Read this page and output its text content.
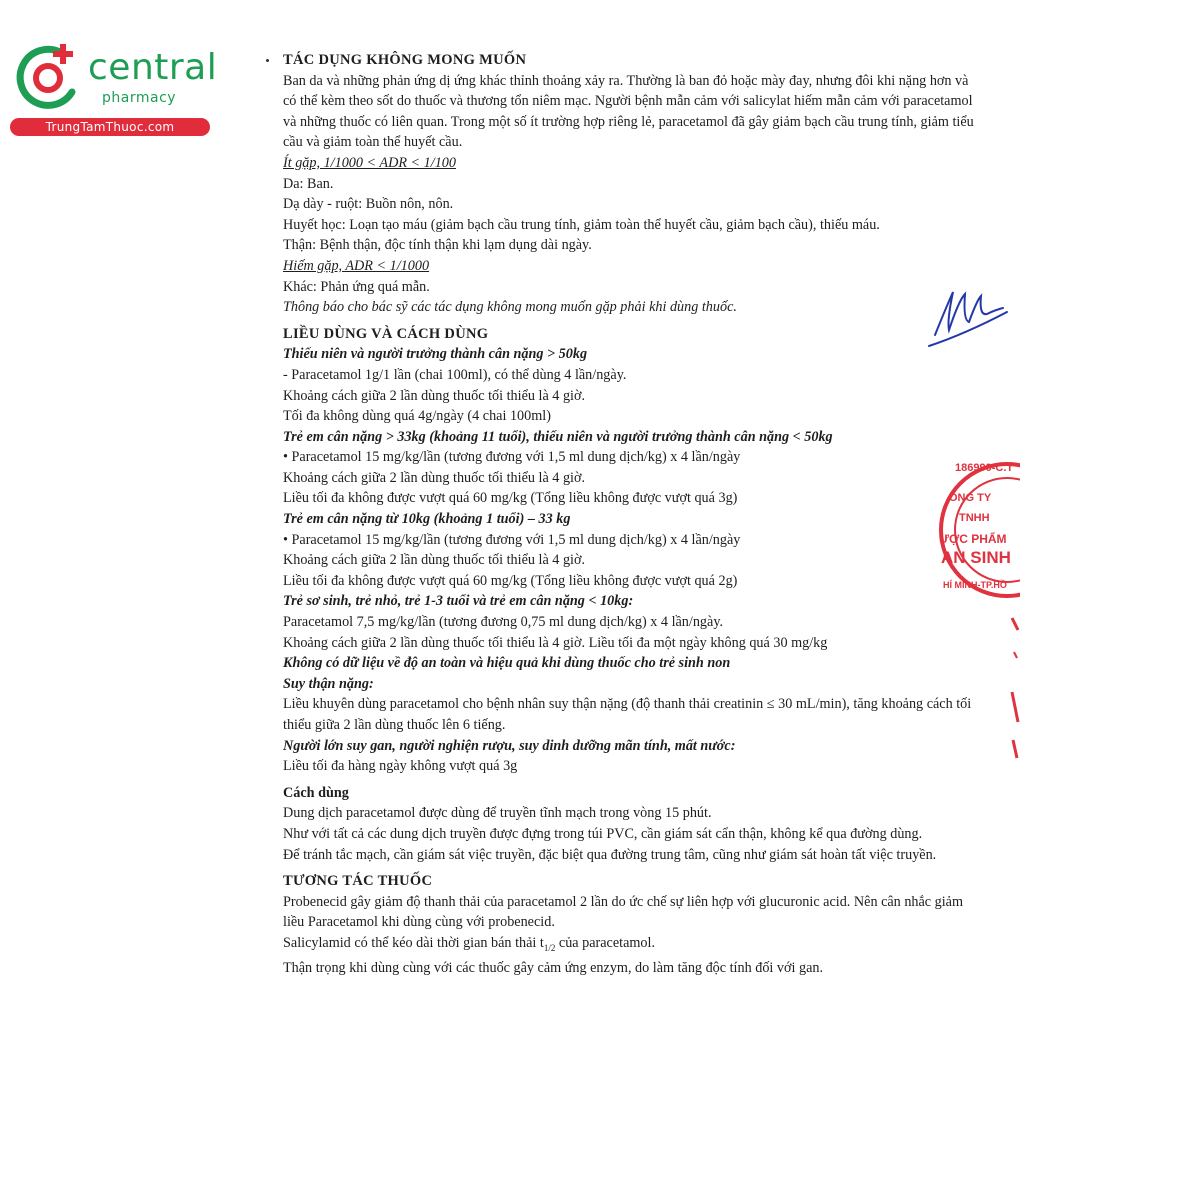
central
pharmacy
TrungTamThuoc.com

TÁC DỤNG KHÔNG MONG MUỐN

Ban da và những phản ứng dị ứng khác thỉnh thoảng xảy ra. Thường là ban đỏ hoặc mày đay, nhưng đôi khi nặng hơn và có thể kèm theo sốt do thuốc và thương tổn niêm mạc. Người bệnh mẫn cảm với salicylat hiếm mẫn cảm với paracetamol và những thuốc có liên quan. Trong một số ít trường hợp riêng lẻ, paracetamol đã gây giảm bạch cầu trung tính, giảm tiểu cầu và giảm toàn thể huyết cầu.

Ít gặp, 1/1000 < ADR < 1/100

Da: Ban.

Dạ dày - ruột: Buồn nôn, nôn.

Huyết học: Loạn tạo máu (giảm bạch cầu trung tính, giảm toàn thể huyết cầu, giảm bạch cầu), thiếu máu.

Thận: Bệnh thận, độc tính thận khi lạm dụng dài ngày.

Hiếm gặp, ADR < 1/1000

Khác: Phản ứng quá mẫn.

Thông báo cho bác sỹ các tác dụng không mong muốn gặp phải khi dùng thuốc.

LIỀU DÙNG VÀ CÁCH DÙNG

Thiếu niên và người trưởng thành cân nặng > 50kg

- Paracetamol 1g/1 lần (chai 100ml), có thể dùng 4 lần/ngày.

Khoảng cách giữa 2 lần dùng thuốc tối thiểu là 4 giờ.

Tối đa không dùng quá 4g/ngày (4 chai 100ml)

Trẻ em cân nặng > 33kg (khoảng 11 tuổi), thiếu niên và người trưởng thành cân nặng < 50kg

• Paracetamol 15 mg/kg/lần (tương đương với 1,5 ml dung dịch/kg) x 4 lần/ngày

Khoảng cách giữa 2 lần dùng thuốc tối thiểu là 4 giờ.

Liều tối đa không được vượt quá 60 mg/kg (Tổng liều không được vượt quá 3g)

Trẻ em cân nặng từ 10kg (khoảng 1 tuổi) – 33 kg

• Paracetamol 15 mg/kg/lần (tương đương với 1,5 ml dung dịch/kg) x 4 lần/ngày

Khoảng cách giữa 2 lần dùng thuốc tối thiểu là 4 giờ.

Liều tối đa không được vượt quá 60 mg/kg (Tổng liều không được vượt quá 2g)

Trẻ sơ sinh, trẻ nhỏ, trẻ 1-3 tuổi và trẻ em cân nặng < 10kg:

Paracetamol 7,5 mg/kg/lần (tương đương 0,75 ml dung dịch/kg) x 4 lần/ngày.

Khoảng cách giữa 2 lần dùng thuốc tối thiểu là 4 giờ. Liều tối đa một ngày không quá 30 mg/kg

Không có dữ liệu về độ an toàn và hiệu quả khi dùng thuốc cho trẻ sinh non

Suy thận nặng:

Liều khuyên dùng paracetamol cho bệnh nhân suy thận nặng (độ thanh thải creatinin ≤ 30 mL/min), tăng khoảng cách tối thiểu giữa 2 lần dùng thuốc lên 6 tiếng.

Người lớn suy gan, người nghiện rượu, suy dinh dưỡng mãn tính, mất nước:

Liều tối đa hàng ngày không vượt quá 3g

Cách dùng

Dung dịch paracetamol được dùng để truyền tĩnh mạch trong vòng 15 phút.

Như với tất cả các dung dịch truyền được đựng trong túi PVC, cần giám sát cẩn thận, không kể qua đường dùng.

Để tránh tắc mạch, cần giám sát việc truyền, đặc biệt qua đường trung tâm, cũng như giám sát hoàn tất việc truyền.

TƯƠNG TÁC THUỐC

Probenecid gây giảm độ thanh thải của paracetamol 2 lần do ức chế sự liên hợp với glucuronic acid. Nên cân nhắc giảm liều Paracetamol khi dùng cùng với probenecid.

Salicylamid có thể kéo dài thời gian bán thải $t_{1/2}$ của paracetamol.

Thận trọng khi dùng cùng với các thuốc gây cảm ứng enzym, do làm tăng độc tính đối với gan.

186990-C.T
ÔNG TY
TNHH
ƯỢC PHẨM
AN SINH
HÍ MINH-TP.HỒ
